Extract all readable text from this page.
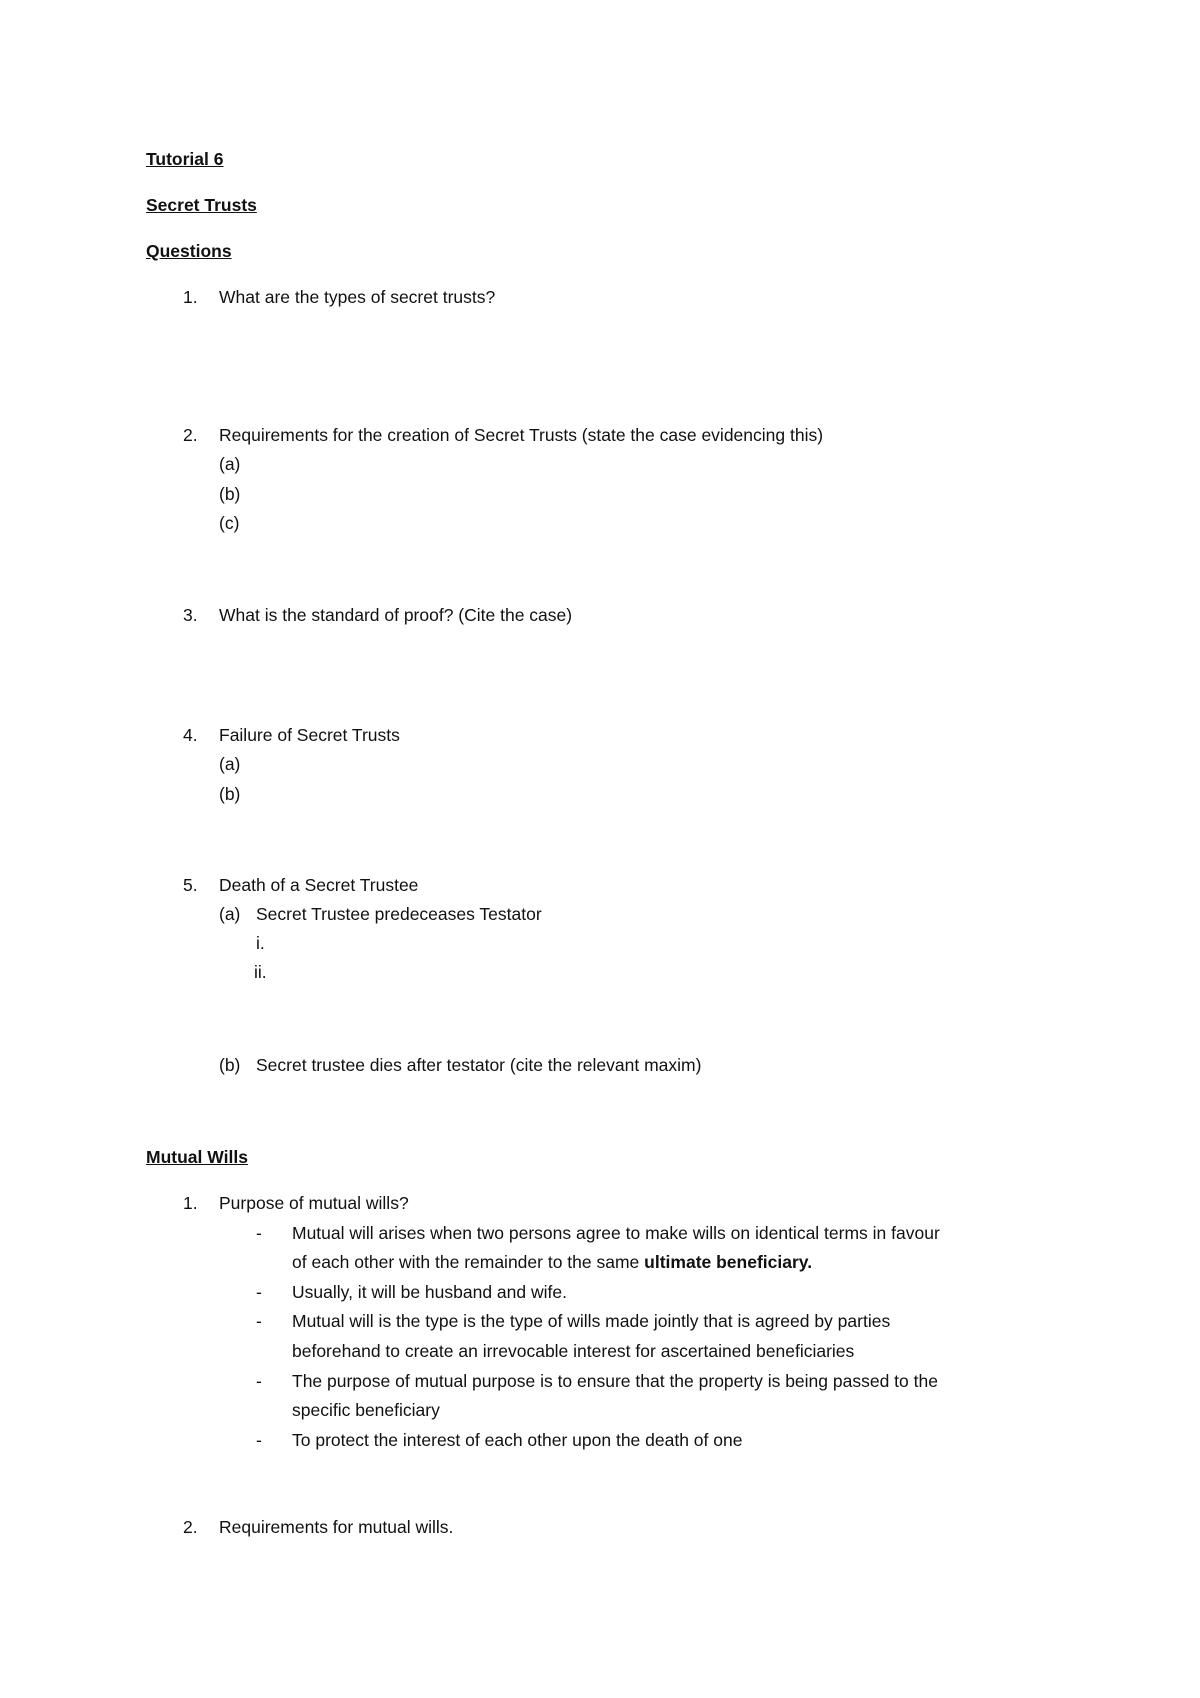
Tutorial 6
Secret Trusts
Questions
1. What are the types of secret trusts?
2. Requirements for the creation of Secret Trusts (state the case evidencing this)
(a)
(b)
(c)
3. What is the standard of proof? (Cite the case)
4. Failure of Secret Trusts
(a)
(b)
5. Death of a Secret Trustee
(a) Secret Trustee predeceases Testator
i.
ii.
(b) Secret trustee dies after testator (cite the relevant maxim)
Mutual Wills
1. Purpose of mutual wills?
- Mutual will arises when two persons agree to make wills on identical terms in favour
of each other with the remainder to the same ultimate beneficiary.
- Usually, it will be husband and wife.
- Mutual will is the type is the type of wills made jointly that is agreed by parties
beforehand to create an irrevocable interest for ascertained beneficiaries
- The purpose of mutual purpose is to ensure that the property is being passed to the
specific beneficiary
- To protect the interest of each other upon the death of one
2. Requirements for mutual wills.
